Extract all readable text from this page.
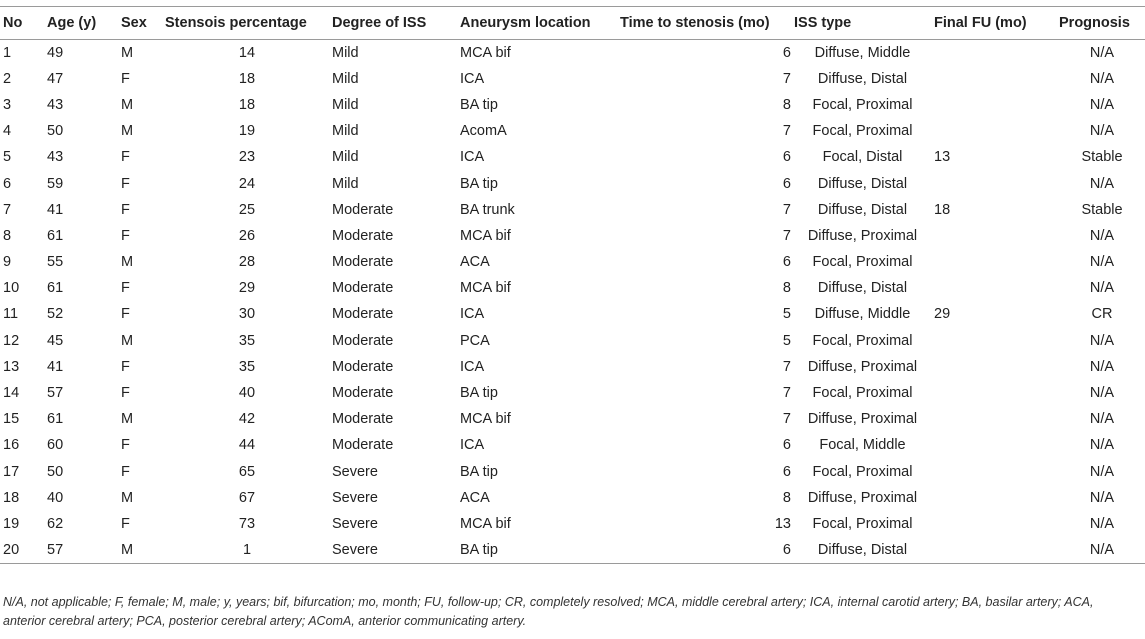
No	Age (y)	Sex	Stensois percentage	Degree of ISS	Aneurysm location	Time to stenosis (mo)	ISS type	Final FU (mo)	Prognosis
1	49	M	14	Mild	MCA bif	6	Diffuse, Middle		N/A
2	47	F	18	Mild	ICA	7	Diffuse, Distal		N/A
3	43	M	18	Mild	BA tip	8	Focal, Proximal		N/A
4	50	M	19	Mild	AcomA	7	Focal, Proximal		N/A
5	43	F	23	Mild	ICA	6	Focal, Distal	13	Stable
6	59	F	24	Mild	BA tip	6	Diffuse, Distal		N/A
7	41	F	25	Moderate	BA trunk	7	Diffuse, Distal	18	Stable
8	61	F	26	Moderate	MCA bif	7	Diffuse, Proximal		N/A
9	55	M	28	Moderate	ACA	6	Focal, Proximal		N/A
10	61	F	29	Moderate	MCA bif	8	Diffuse, Distal		N/A
11	52	F	30	Moderate	ICA	5	Diffuse, Middle	29	CR
12	45	M	35	Moderate	PCA	5	Focal, Proximal		N/A
13	41	F	35	Moderate	ICA	7	Diffuse, Proximal		N/A
14	57	F	40	Moderate	BA tip	7	Focal, Proximal		N/A
15	61	M	42	Moderate	MCA bif	7	Diffuse, Proximal		N/A
16	60	F	44	Moderate	ICA	6	Focal, Middle		N/A
17	50	F	65	Severe	BA tip	6	Focal, Proximal		N/A
18	40	M	67	Severe	ACA	8	Diffuse, Proximal		N/A
19	62	F	73	Severe	MCA bif	13	Focal, Proximal		N/A
20	57	M	1	Severe	BA tip	6	Diffuse, Distal		N/A
N/A, not applicable; F, female; M, male; y, years; bif, bifurcation; mo, month; FU, follow-up; CR, completely resolved; MCA, middle cerebral artery; ICA, internal carotid artery; BA, basilar artery; ACA, anterior cerebral artery; PCA, posterior cerebral artery; AComA, anterior communicating artery.
